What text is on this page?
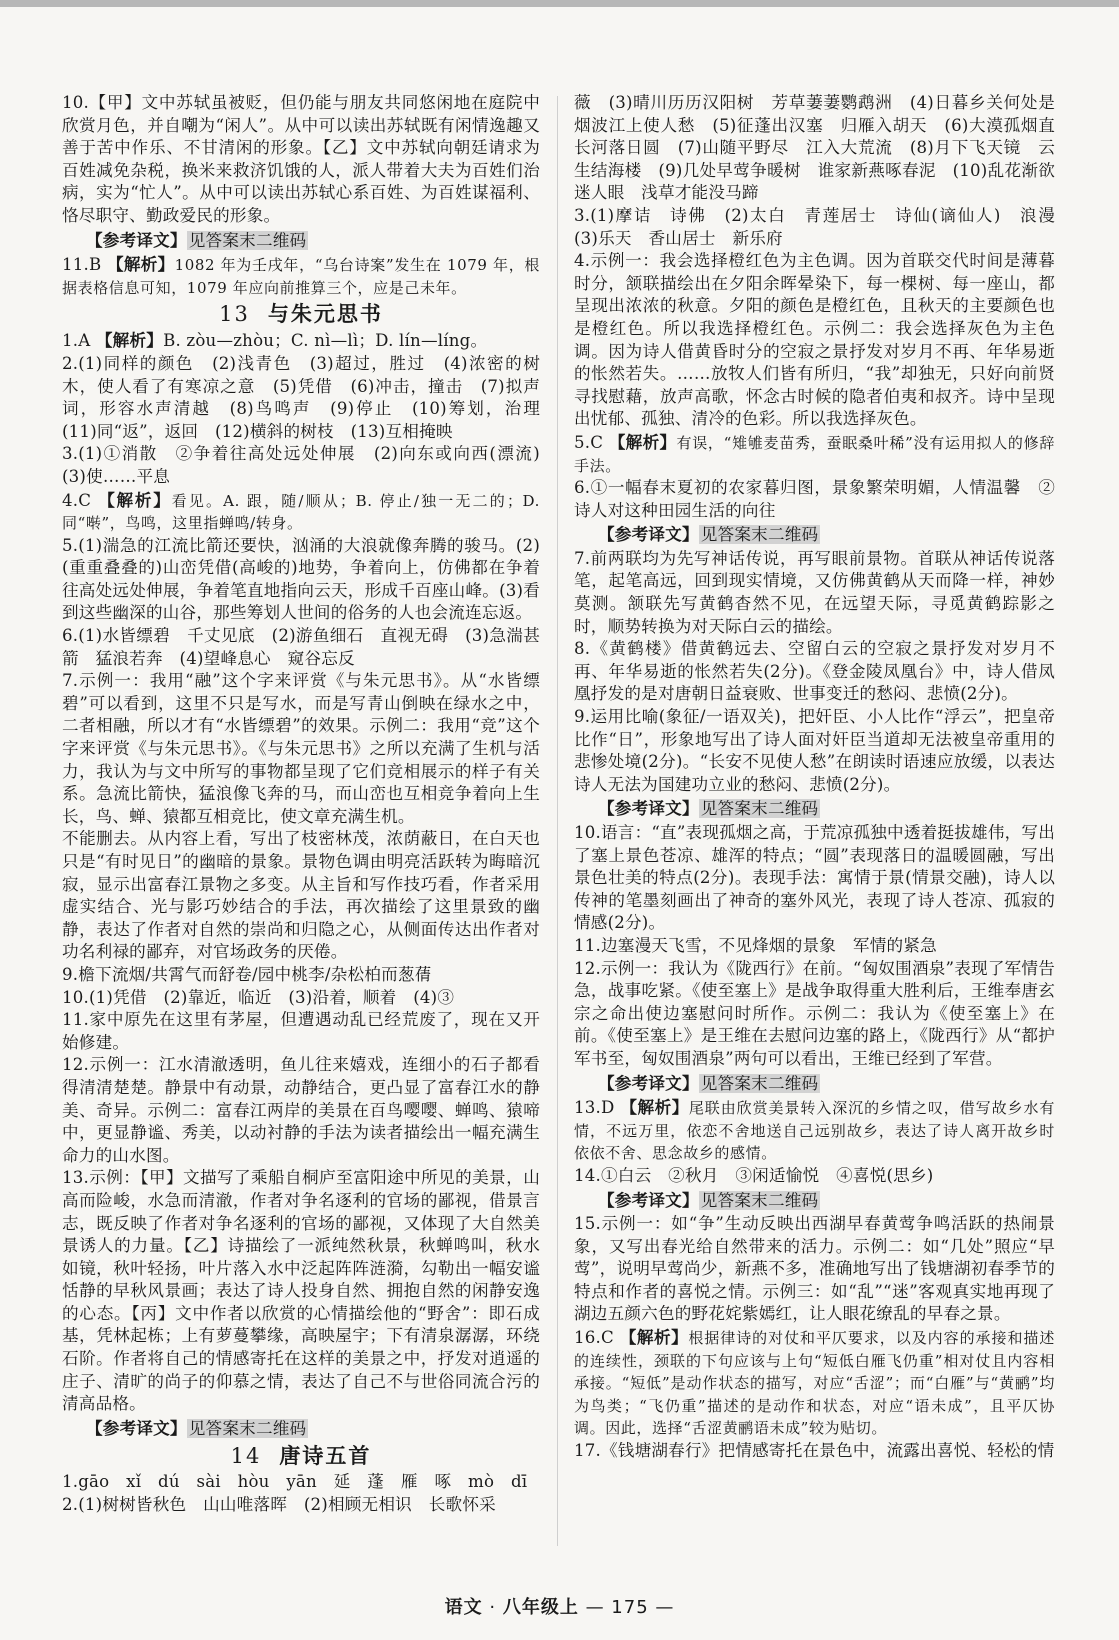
10.【甲】文中苏轼虽被贬，但仍能与朋友共同悠闲地在庭院中欣赏月色，并自嘲为“闲人”。从中可以读出苏轼既有闲情逸趣又善于苦中作乐、不甘清闲的形象。【乙】文中苏轼向朝廷请求为百姓减免杂税，换米来救济饥饿的人，派人带着大夫为百姓们治病，实为“忙人”。从中可以读出苏轼心系百姓、为百姓谋福利、恪尽职守、勤政爱民的形象。

【参考译文】 见答案末二维码

11.B 【解析】1082 年为壬戌年，“乌台诗案”发生在 1079 年，根据表格信息可知，1079 年应向前推算三个，应是己未年。

13 与朱元思书

1.A 【解析】B. zòu—zhòu；C. nì—lì；D. lín—líng。

2.(1)同样的颜色　(2)浅青色　(3)超过，胜过　(4)浓密的树木，使人看了有寒凉之意　(5)凭借　(6)冲击，撞击　(7)拟声词，形容水声清越　(8)鸟鸣声　(9)停止　(10)筹划，治理　(11)同“返”，返回　(12)横斜的树枝　(13)互相掩映

3.(1)①消散　②争着往高处远处伸展　(2)向东或向西(漂流)　(3)使……平息

4.C 【解析】看见。A. 跟，随/顺从；B. 停止/独一无二的；D. 同“啭”，鸟鸣，这里指蝉鸣/转身。

5.(1)湍急的江流比箭还要快，汹涌的大浪就像奔腾的骏马。(2)(重重叠叠的)山峦凭借(高峻的)地势，争着向上，仿佛都在争着往高处远处伸展，争着笔直地指向云天，形成千百座山峰。(3)看到这些幽深的山谷，那些筹划人世间的俗务的人也会流连忘返。

6.(1)水皆缥碧　千丈见底　(2)游鱼细石　直视无碍　(3)急湍甚箭　猛浪若奔　(4)望峰息心　窥谷忘反

7.示例一：我用“融”这个字来评赏《与朱元思书》。从“水皆缥碧”可以看到，这里不只是写水，而是写青山倒映在绿水之中，二者相融，所以才有“水皆缥碧”的效果。示例二：我用“竞”这个字来评赏《与朱元思书》。《与朱元思书》之所以充满了生机与活力，我认为与文中所写的事物都呈现了它们竞相展示的样子有关系。急流比箭快，猛浪像飞奔的马，而山峦也互相竞争着向上生长，鸟、蝉、猿都互相竞比，使文章充满生机。

不能删去。从内容上看，写出了枝密林茂，浓荫蔽日，在白天也只是“有时见日”的幽暗的景象。景物色调由明亮活跃转为晦暗沉寂，显示出富春江景物之多变。从主旨和写作技巧看，作者采用虚实结合、光与影巧妙结合的手法，再次描绘了这里景致的幽静，表达了作者对自然的崇尚和归隐之心，从侧面传达出作者对功名利禄的鄙弃，对官场政务的厌倦。

9.檐下流烟/共霄气而舒卷/园中桃李/杂松柏而葱蒨

10.(1)凭借　(2)靠近，临近　(3)沿着，顺着　(4)③

11.家中原先在这里有茅屋，但遭遇动乱已经荒废了，现在又开始修建。

12.示例一：江水清澈透明，鱼儿往来嬉戏，连细小的石子都看得清清楚楚。静景中有动景，动静结合，更凸显了富春江水的静美、奇异。示例二：富春江两岸的美景在百鸟嘤嘤、蝉鸣、猿啼中，更显静谧、秀美，以动衬静的手法为读者描绘出一幅充满生命力的山水图。

13.示例：【甲】文描写了乘船自桐庐至富阳途中所见的美景，山高而险峻，水急而清澈，作者对争名逐利的官场的鄙视，借景言志，既反映了作者对争名逐利的官场的鄙视，又体现了大自然美景诱人的力量。【乙】诗描绘了一派纯然秋景，秋蝉鸣叫，秋水如镜，秋叶轻扬，叶片落入水中泛起阵阵涟漪，勾勒出一幅安谧恬静的早秋风景画；表达了诗人投身自然、拥抱自然的闲静安逸的心态。【丙】文中作者以欣赏的心情描绘他的“野舍”：即石成基，凭林起栋；上有萝蔓攀缘，高映屋宇；下有清泉潺潺，环绕石阶。作者将自己的情感寄托在这样的美景之中，抒发对逍遥的庄子、清旷的尚子的仰慕之情，表达了自己不与世俗同流合污的清高品格。

【参考译文】 见答案末二维码

14 唐诗五首

1.gāo　xǐ　dú　sài　hòu　yān　延　蓬　雁　啄　mò　dī

2.(1)树树皆秋色　山山唯落晖　(2)相顾无相识　长歌怀采

薇　(3)晴川历历汉阳树　芳草萋萋鹦鹉洲　(4)日暮乡关何处是　烟波江上使人愁　(5)征蓬出汉塞　归雁入胡天　(6)大漠孤烟直　长河落日圆　(7)山随平野尽　江入大荒流　(8)月下飞天镜　云生结海楼　(9)几处早莺争暖树　谁家新燕啄春泥　(10)乱花渐欲迷人眼　浅草才能没马蹄

3.(1)摩诘　诗佛　(2)太白　青莲居士　诗仙(谪仙人)　浪漫　(3)乐天　香山居士　新乐府

4.示例一：我会选择橙红色为主色调。因为首联交代时间是薄暮时分，颔联描绘出在夕阳余晖晕染下，每一棵树、每一座山，都呈现出浓浓的秋意。夕阳的颜色是橙红色，且秋天的主要颜色也是橙红色。所以我选择橙红色。示例二：我会选择灰色为主色调。因为诗人借黄昏时分的空寂之景抒发对岁月不再、年华易逝的怅然若失。……放牧人们皆有所归，“我”却独无，只好向前贤寻找慰藉，放声高歌，怀念古时候的隐者伯夷和叔齐。诗中呈现出忧郁、孤独、清冷的色彩。所以我选择灰色。

5.C 【解析】有误，“雉雊麦苗秀，蚕眠桑叶稀”没有运用拟人的修辞手法。

6.①一幅春末夏初的农家暮归图，景象繁荣明媚，人情温馨　②诗人对这种田园生活的向往

【参考译文】 见答案末二维码

7.前两联均为先写神话传说，再写眼前景物。首联从神话传说落笔，起笔高远，回到现实情境，又仿佛黄鹤从天而降一样，神妙莫测。颔联先写黄鹤杳然不见，在远望天际，寻觅黄鹤踪影之时，顺势转换为对天际白云的描绘。

8.《黄鹤楼》借黄鹤远去、空留白云的空寂之景抒发对岁月不再、年华易逝的怅然若失(2分)。《登金陵凤凰台》中，诗人借凤凰抒发的是对唐朝日益衰败、世事变迁的愁闷、悲愤(2分)。

9.运用比喻(象征/一语双关)，把奸臣、小人比作“浮云”，把皇帝比作“日”，形象地写出了诗人面对奸臣当道却无法被皇帝重用的悲惨处境(2分)。“长安不见使人愁”在朗读时语速应放缓，以表达诗人无法为国建功立业的愁闷、悲愤(2分)。

【参考译文】 见答案末二维码

10.语言：“直”表现孤烟之高，于荒凉孤独中透着挺拔雄伟，写出了塞上景色苍凉、雄浑的特点；“圆”表现落日的温暖圆融，写出景色壮美的特点(2分)。表现手法：寓情于景(情景交融)，诗人以传神的笔墨刻画出了神奇的塞外风光，表现了诗人苍凉、孤寂的情感(2分)。

11.边塞漫天飞雪，不见烽烟的景象　军情的紧急

12.示例一：我认为《陇西行》在前。“匈奴围酒泉”表现了军情告急，战事吃紧。《使至塞上》是战争取得重大胜利后，王维奉唐玄宗之命出使边塞慰问时所作。示例二：我认为《使至塞上》在前。《使至塞上》是王维在去慰问边塞的路上，《陇西行》从“都护军书至，匈奴围酒泉”两句可以看出，王维已经到了军营。

【参考译文】 见答案末二维码

13.D 【解析】尾联由欣赏美景转入深沉的乡情之叹，借写故乡水有情，不远万里，依恋不舍地送自己远别故乡，表达了诗人离开故乡时依依不舍、思念故乡的感情。

14.①白云　②秋月　③闲适愉悦　④喜悦(思乡)

【参考译文】 见答案末二维码

15.示例一：如“争”生动反映出西湖早春黄莺争鸣活跃的热闹景象，又写出春光给自然带来的活力。示例二：如“几处”照应“早莺”，说明早莺尚少，新燕不多，准确地写出了钱塘湖初春季节的特点和作者的喜悦之情。示例三：如“乱”“迷”客观真实地再现了湖边五颜六色的野花姹紫嫣红，让人眼花缭乱的早春之景。

16.C 【解析】根据律诗的对仗和平仄要求，以及内容的承接和描述的连续性，颈联的下句应该与上句“短低白雁飞仍重”相对仗且内容相承接。“短低”是动作状态的描写，对应“舌涩”；而“白雁”与“黄鹂”均为鸟类；“飞仍重”描述的是动作和状态，对应“语未成”，且平仄协调。因此，选择“舌涩黄鹂语未成”较为贴切。

17.《钱塘湖春行》把情感寄托在景色中，流露出喜悦、轻松的情

语文 · 八年级上 — 175 —
